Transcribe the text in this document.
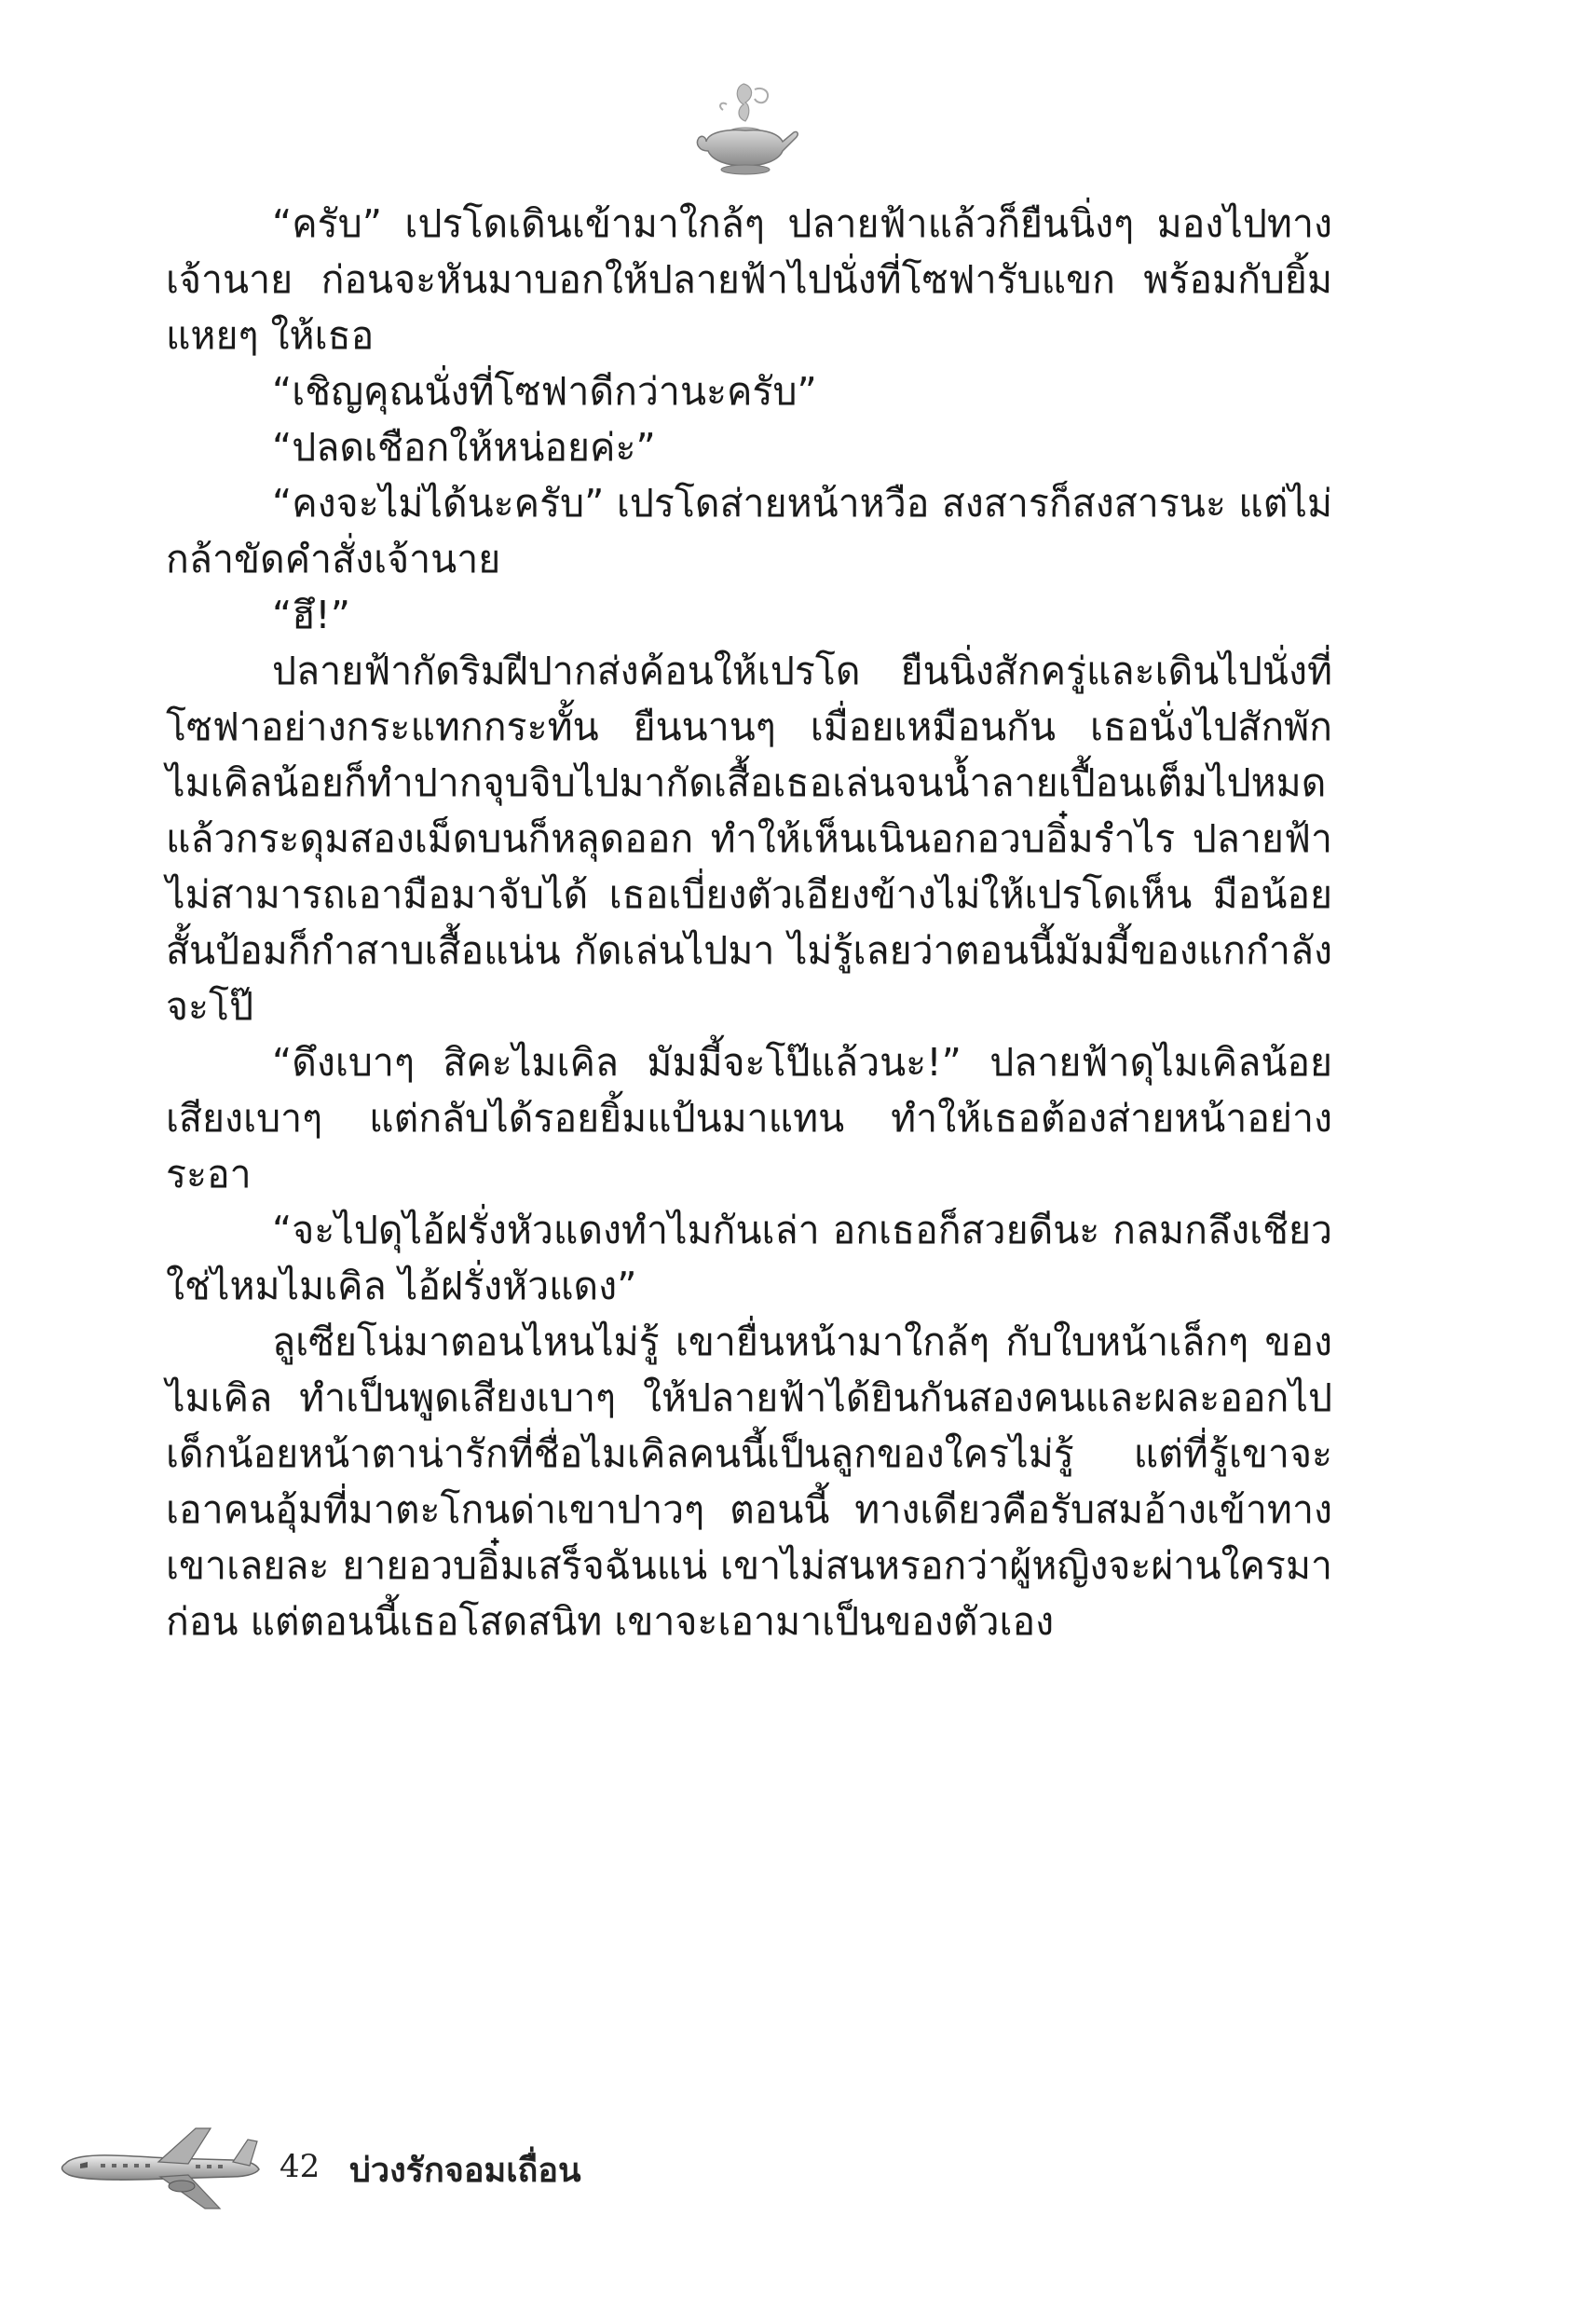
“ครับ” เปรโดเดินเข้ามาใกล้ๆ ปลายฟ้าแล้วก็ยืนนิ่งๆ มองไปทางเจ้านาย ก่อนจะหันมาบอกให้ปลายฟ้าไปนั่งที่โซฟารับแขก พร้อมกับยิ้มแหยๆ ให้เธอ

“เชิญคุณนั่งที่โซฟาดีกว่านะครับ”

“ปลดเชือกให้หน่อยค่ะ”

“คงจะไม่ได้นะครับ” เปรโดส่ายหน้าหวือ สงสารก็สงสารนะ แต่ไม่กล้าขัดคำสั่งเจ้านาย

“ฮึ!”

ปลายฟ้ากัดริมฝีปากส่งค้อนให้เปรโด ยืนนิ่งสักครู่และเดินไปนั่งที่โซฟาอย่างกระแทกกระทั้น ยืนนานๆ เมื่อยเหมือนกัน เธอนั่งไปสักพัก ไมเคิลน้อยก็ทำปากจุบจิบไปมากัดเสื้อเธอเล่นจนน้ำลายเปื้อนเต็มไปหมด แล้วกระดุมสองเม็ดบนก็หลุดออก ทำให้เห็นเนินอกอวบอิ๋มรำไร ปลายฟ้าไม่สามารถเอามือมาจับได้ เธอเบี่ยงตัวเอียงข้างไม่ให้เปรโดเห็น มือน้อยสั้นป้อมก็กำสาบเสื้อแน่น กัดเล่นไปมา ไม่รู้เลยว่าตอนนี้มัมมี้ของแกกำลังจะโป๊

“ดึงเบาๆ สิคะไมเคิล มัมมี้จะโป๊แล้วนะ!” ปลายฟ้าดุไมเคิลน้อยเสียงเบาๆ แต่กลับได้รอยยิ้มแป้นมาแทน ทำให้เธอต้องส่ายหน้าอย่างระอา

“จะไปดุไอ้ฝรั่งหัวแดงทำไมกันเล่า อกเธอก็สวยดีนะ กลมกลึงเชียว ใช่ไหมไมเคิล ไอ้ฝรั่งหัวแดง”

ลูเซียโน่มาตอนไหนไม่รู้ เขายื่นหน้ามาใกล้ๆ กับใบหน้าเล็กๆ ของไมเคิล ทำเป็นพูดเสียงเบาๆ ให้ปลายฟ้าได้ยินกันสองคนและผละออกไป เด็กน้อยหน้าตาน่ารักที่ชื่อไมเคิลคนนี้เป็นลูกของใครไม่รู้ แต่ที่รู้เขาจะเอาคนอุ้มที่มาตะโกนด่าเขาปาวๆ ตอนนี้ ทางเดียวคือรับสมอ้างเข้าทางเขาเลยละ ยายอวบอิ๋มเสร็จฉันแน่ เขาไม่สนหรอกว่าผู้หญิงจะผ่านใครมาก่อน แต่ตอนนี้เธอโสดสนิท เขาจะเอามาเป็นของตัวเอง

42 บ่วงรักจอมเถื่อน
